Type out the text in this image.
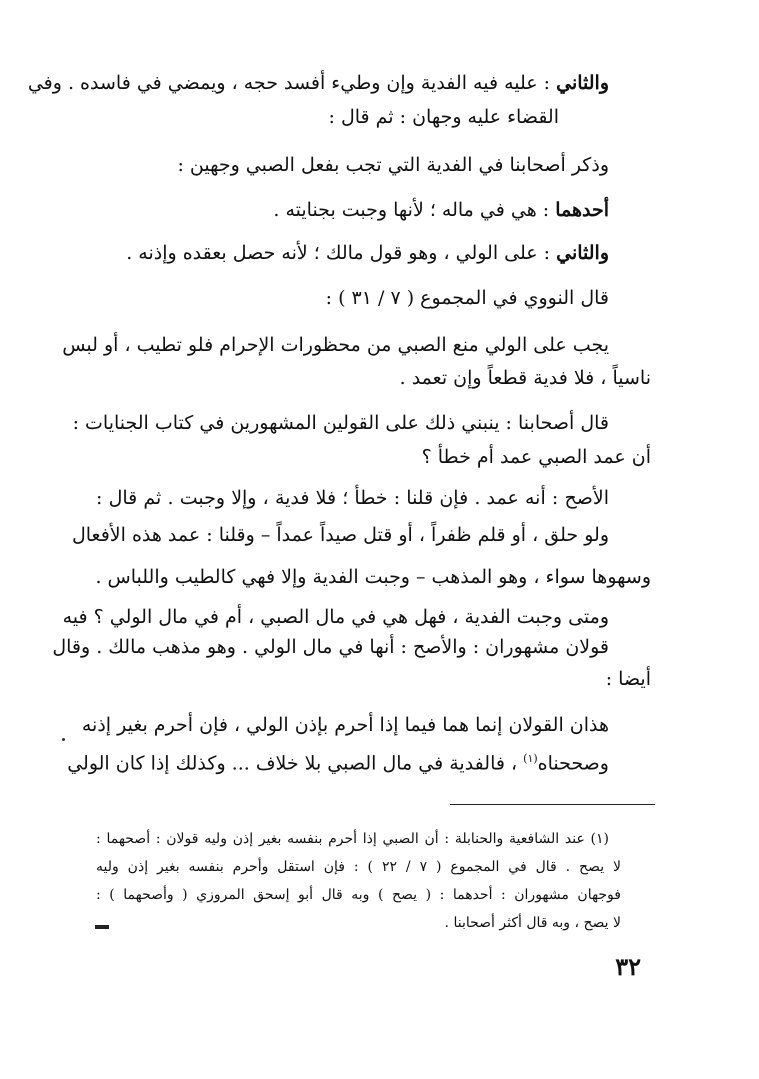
والثاني : عليه فيه الفدية وإن وطيء أفسد حجه ، ويمضي في فاسده . وفي
القضاء عليه وجهان : ثم قال :
وذكر أصحابنا في الفدية التي تجب بفعل الصبي وجهين :
أحدهما : هي في ماله ؛ لأنها وجبت بجنايته .
والثاني : على الولي ، وهو قول مالك ؛ لأنه حصل بعقده وإذنه .
قال النووي في المجموع ( ٧ / ٣١ ) :
يجب على الولي منع الصبي من محظورات الإحرام فلو تطيب ، أو لبس
ناسياً ، فلا فدية قطعاً وإن تعمد .
قال أصحابنا : ينبني ذلك على القولين المشهورين في كتاب الجنايات :
أن عمد الصبي عمد أم خطأ ؟
الأصح : أنه عمد . فإن قلنا : خطأ ؛ فلا فدية ، وإلا وجبت . ثم قال :
ولو حلق ، أو قلم ظفراً ، أو قتل صيداً عمداً – وقلنا : عمد هذه الأفعال
وسهوها سواء ، وهو المذهب – وجبت الفدية وإلا فهي كالطيب واللباس .
ومتى وجبت الفدية ، فهل هي في مال الصبي ، أم في مال الولي ؟ فيه
قولان مشهوران : والأصح : أنها في مال الولي . وهو مذهب مالك . وقال
أيضا :
هذان القولان إنما هما فيما إذا أحرم بإذن الولي ، فإن أحرم بغير إذنه
وصححناه$^{(١)}$ ، فالفدية في مال الصبي بلا خلاف ... وكذلك إذا كان الولي
(١) عند الشافعية والحنابلة : أن الصبي إذا أحرم بنفسه بغير إذن وليه قولان : أصحهما :
لا يصح . قال في المجموع ( ٧ / ٢٢ ) : فإن استقل وأحرم بنفسه بغير إذن وليه
فوجهان مشهوران : أحدهما : ( يصح ) وبه قال أبو إسحق المروزي ( وأصحهما ) :
لا يصح ، وبه قال أكثر أصحابنا .
٣٢
